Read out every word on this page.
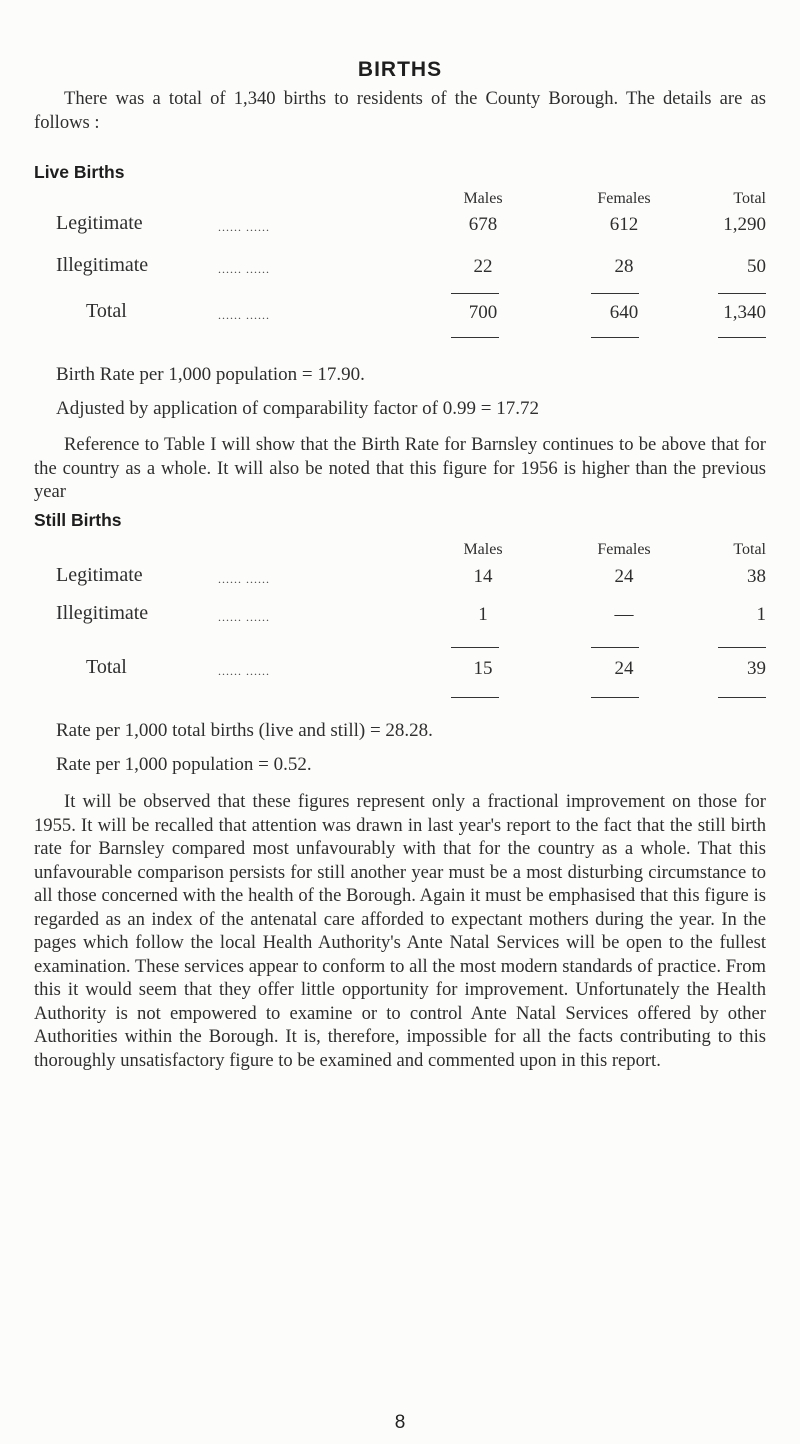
BIRTHS
There was a total of 1,340 births to residents of the County Borough. The details are as follows :
Live Births
Males	Females	Total
Legitimate	...... ......	678	612	1,290
Illegitimate	...... ......	22	28	50
Total	...... ......	700	640	1,340
Birth Rate per 1,000 population = 17.90.
Adjusted by application of comparability factor of 0.99 = 17.72
Reference to Table I will show that the Birth Rate for Barnsley continues to be above that for the country as a whole. It will also be noted that this figure for 1956 is higher than the previous year
Still Births
Males	Females	Total
Legitimate	...... ......	14	24	38
Illegitimate	...... ......	1	—	1
Total	...... ......	15	24	39
Rate per 1,000 total births (live and still) = 28.28.
Rate per 1,000 population = 0.52.
It will be observed that these figures represent only a fractional improvement on those for 1955. It will be recalled that attention was drawn in last year's report to the fact that the still birth rate for Barnsley compared most unfavourably with that for the country as a whole. That this unfavourable comparison persists for still another year must be a most disturbing circumstance to all those concerned with the health of the Borough. Again it must be emphasised that this figure is regarded as an index of the antenatal care afforded to expectant mothers during the year. In the pages which follow the local Health Authority's Ante Natal Services will be open to the fullest examination. These services appear to conform to all the most modern standards of practice. From this it would seem that they offer little opportunity for improvement. Unfortunately the Health Authority is not empowered to examine or to control Ante Natal Services offered by other Authorities within the Borough. It is, therefore, impossible for all the facts contributing to this thoroughly unsatisfactory figure to be examined and commented upon in this report.
8
